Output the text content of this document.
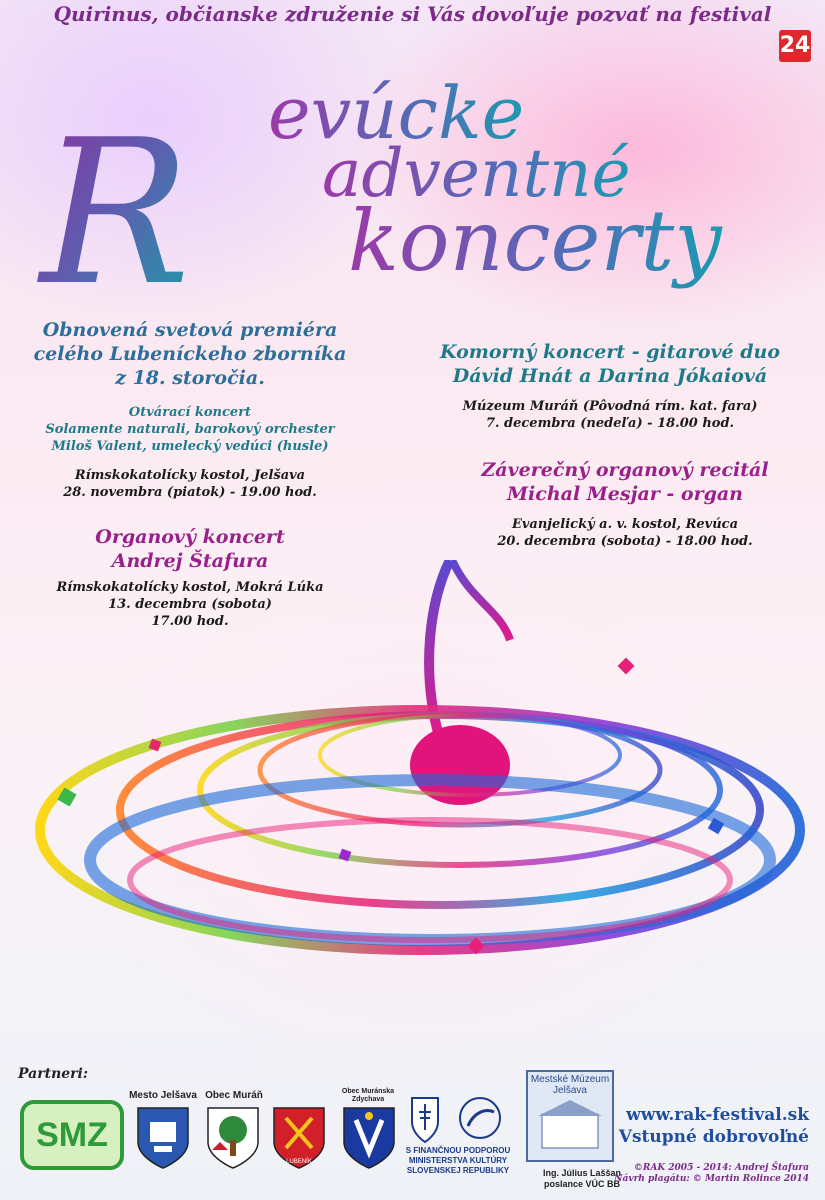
Quirinus, občianske združenie si Vás dovoľuje pozvať na festival
24
R evúcke
adventné
koncerty
Obnovená svetová premiéra
celého Lubeníckeho zborníka
z 18. storočia.
Otvárací koncert
Solamente naturali, barokový orchester
Miloš Valent, umelecký vedúci (husle)
Rímskokatolícky kostol, Jelšava
28. novembra (piatok) - 19.00 hod.
Organový koncert
Andrej Štafura
Rímskokatolícky kostol, Mokrá Lúka
13. decembra (sobota)
17.00 hod.
Komorný koncert - gitarové duo
Dávid Hnát a Darina Jókaiová
Múzeum Muráň (Pôvodná rím. kat. fara)
7. decembra (nedeľa) - 18.00 hod.
Záverečný organový recitál
Michal Mesjar - organ
Evanjelický a. v. kostol, Revúca
20. decembra (sobota) - 18.00 hod.
Partneri:
SMZ
Mesto Jelšava Obec Muráň
LUBENÍK
Obec Muránska Zdychava
S FINANČNOU PODPOROU
MINISTERSTVA KULTÚRY
SLOVENSKEJ REPUBLIKY
Mestské Múzeum Jelšava
Ing. Július Laššan
poslance VÚC BB
www.rak-festival.sk
Vstupné dobrovoľné
©RAK 2005 - 2014: Andrej Štafura
Návrh plagátu: © Martin Rolince 2014
